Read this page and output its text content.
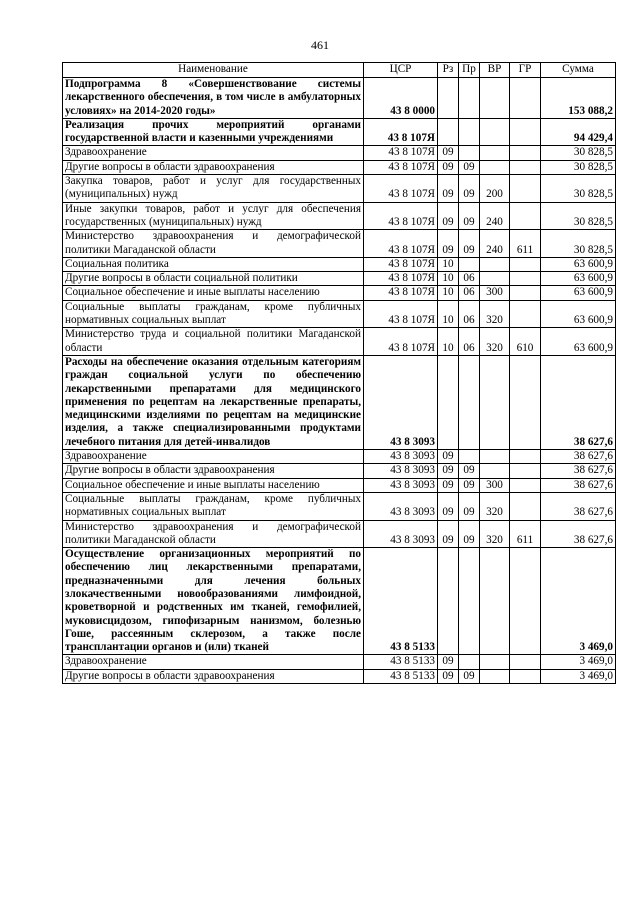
461
Наименование	ЦСР	Рз	Пр	ВР	ГР	Сумма
Подпрограмма 8 «Совершенствование системы лекарственного обеспечения, в том числе в амбулаторных условиях» на 2014-2020 годы»	43 8 0000					153 088,2
Реализация прочих мероприятий органами государственной власти и казенными учреждениями	43 8 107Я					94 429,4
Здравоохранение	43 8 107Я	09				30 828,5
Другие вопросы в области здравоохранения	43 8 107Я	09	09			30 828,5
Закупка товаров, работ и услуг для государственных (муниципальных) нужд	43 8 107Я	09	09	200		30 828,5
Иные закупки товаров, работ и услуг для обеспечения государственных (муниципальных) нужд	43 8 107Я	09	09	240		30 828,5
Министерство здравоохранения и демографической политики Магаданской области	43 8 107Я	09	09	240	611	30 828,5
Социальная политика	43 8 107Я	10				63 600,9
Другие вопросы в области социальной политики	43 8 107Я	10	06			63 600,9
Социальное обеспечение и иные выплаты населению	43 8 107Я	10	06	300		63 600,9
Социальные выплаты гражданам, кроме публичных нормативных социальных выплат	43 8 107Я	10	06	320		63 600,9
Министерство труда и социальной политики Магаданской области	43 8 107Я	10	06	320	610	63 600,9
Расходы на обеспечение оказания отдельным категориям граждан социальной услуги по обеспечению лекарственными препаратами для медицинского применения по рецептам на лекарственные препараты, медицинскими изделиями по рецептам на медицинские изделия, а также специализированными продуктами лечебного питания для детей-инвалидов	43 8 3093					38 627,6
Здравоохранение	43 8 3093	09				38 627,6
Другие вопросы в области здравоохранения	43 8 3093	09	09			38 627,6
Социальное обеспечение и иные выплаты населению	43 8 3093	09	09	300		38 627,6
Социальные выплаты гражданам, кроме публичных нормативных социальных выплат	43 8 3093	09	09	320		38 627,6
Министерство здравоохранения и демографической политики Магаданской области	43 8 3093	09	09	320	611	38 627,6
Осуществление организационных мероприятий по обеспечению лиц лекарственными препаратами, предназначенными для лечения больных злокачественными новообразованиями лимфоидной, кроветворной и родственных им тканей, гемофилией, муковисцидозом, гипофизарным нанизмом, болезнью Гоше, рассеянным склерозом, а также после трансплантации органов и (или) тканей	43 8 5133					3 469,0
Здравоохранение	43 8 5133	09				3 469,0
Другие вопросы в области здравоохранения	43 8 5133	09	09			3 469,0
